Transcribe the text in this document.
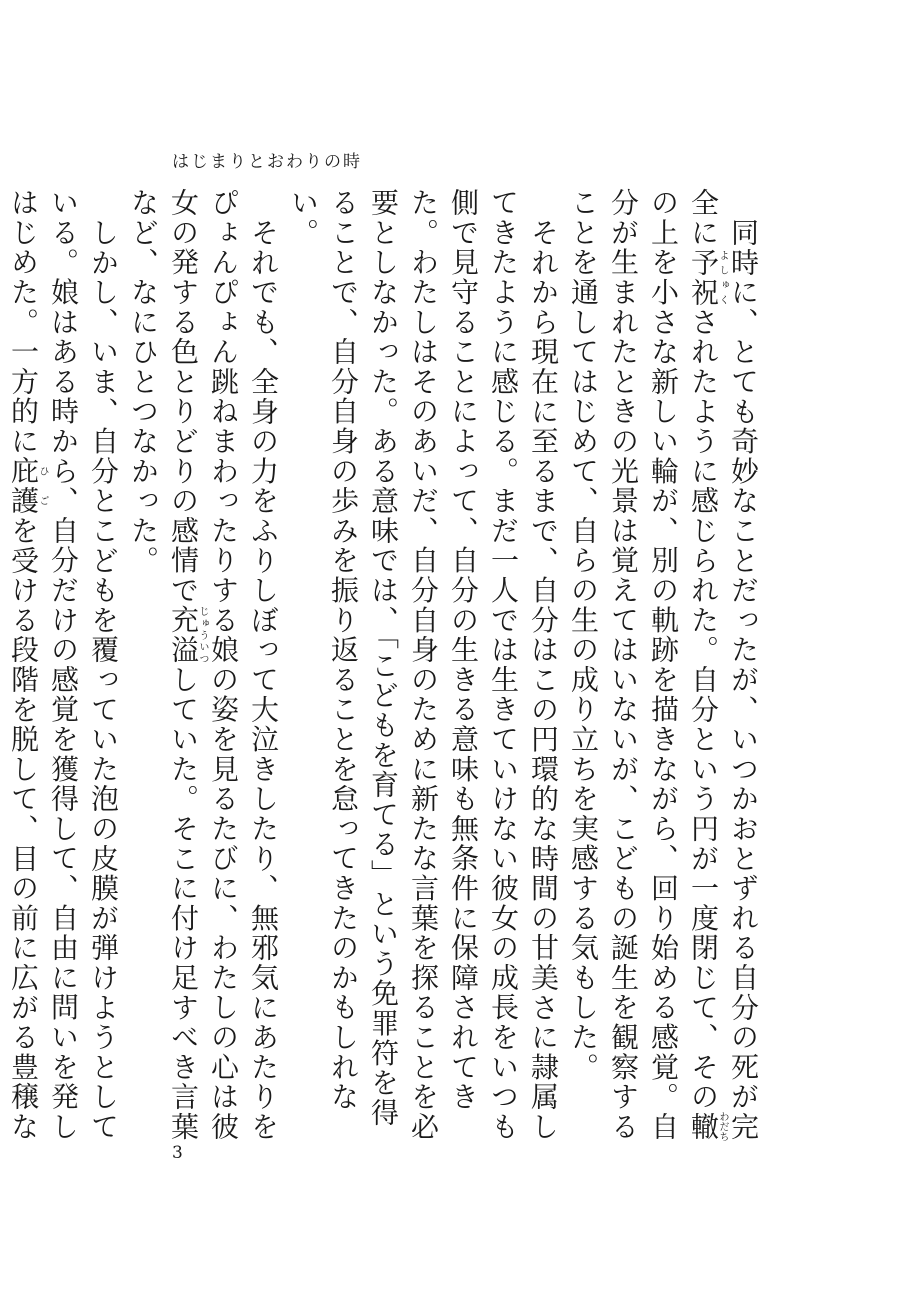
はじまりとおわりの時

　同時に、とても奇妙なことだったが、いつかおとずれる自分の死が完全に予祝よしゅくされたように感じられた。自分という円が一度閉じて、その轍わだちの上を小さな新しい輪が、別の軌跡を描きながら、回り始める感覚。自分が生まれたときの光景は覚えてはいないが、こどもの誕生を観察することを通してはじめて、自らの生の成り立ちを実感する気もした。

　それから現在に至るまで、自分はこの円環的な時間の甘美さに隷属してきたように感じる。まだ一人では生きていけない彼女の成長をいつも側で見守ることによって、自分の生きる意味も無条件に保障されてきた。わたしはそのあいだ、自分自身のために新たな言葉を探ることを必要としなかった。ある意味では、「こどもを育てる」という免罪符を得ることで、自分自身の歩みを振り返ることを怠ってきたのかもしれない。

　それでも、全身の力をふりしぼって大泣きしたり、無邪気にあたりをぴょんぴょん跳ねまわったりする娘の姿を見るたびに、わたしの心は彼女の発する色とりどりの感情で充溢じゅういつしていた。そこに付け足すべき言葉など、なにひとつなかった。

　しかし、いま、自分とこどもを覆っていた泡の皮膜が弾けようとしている。娘はある時から、自分だけの感覚を獲得して、自由に問いを発しはじめた。一方的に庇護ひごを受ける段階を脱して、目の前に広がる豊穣な

3
